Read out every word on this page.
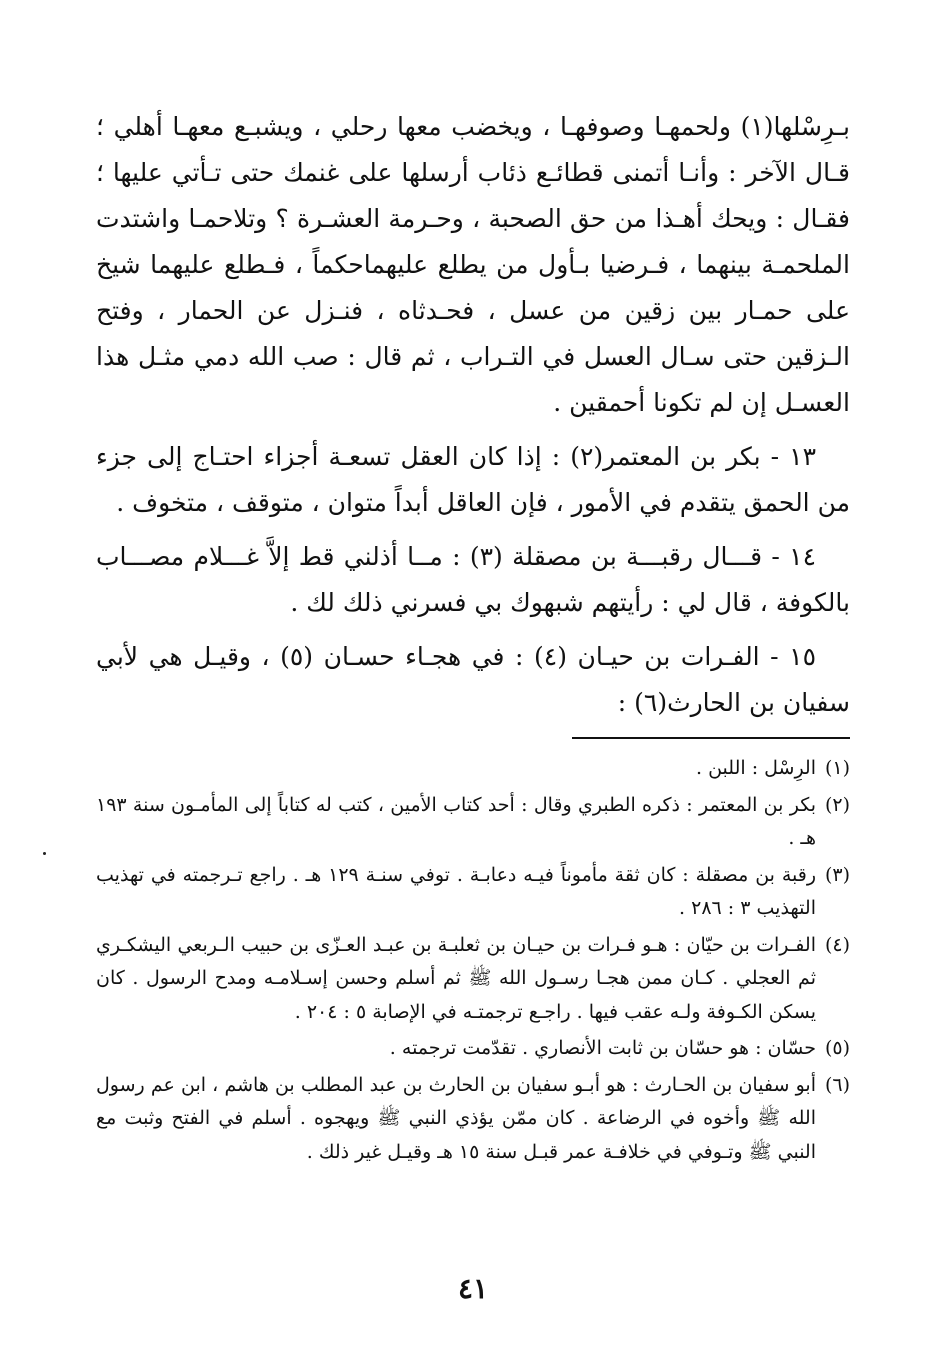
بـرِسْلها(١) ولحمهـا وصوفهـا ، ويخضب معها رحلي ، ويشبـع معهـا أهلي ؛ قـال الآخر : وأنـا أتمنى قطائـع ذئاب أرسلها على غنمك حتى تـأتي عليها ؛ فقـال : ويحك أهـذا من حق الصحبة ، وحـرمة العشـرة ؟ وتلاحمـا واشتدت الملحمـة بينهما ، فـرضيا بـأول من يطلع عليهماحكماً ، فـطلع عليهما شيخ على حمـار بين زقين من عسل ، فحـدثاه ، فنـزل عن الحمار ، وفتح الـزقين حتى سـال العسل في التـراب ، ثم قال : صب الله دمي مثـل هذا العسـل إن لم تكونا أحمقين .

١٣ - بكر بن المعتمر(٢) : إذا كان العقل تسعـة أجزاء احتـاج إلى جزء من الحمق يتقدم في الأمور ، فإن العاقل أبداً متوان ، متوقف ، متخوف .

١٤ - قـــال رقبـــة بن مصقلة (٣) : مــا أذلني قط إلاَّ غـــلام مصـــاب بالكوفة ، قال لي : رأيتهم شبهوك بي فسرني ذلك لك .

١٥ - الفـرات بن حيـان (٤) : في هجـاء حسـان (٥) ، وقيـل هي لأبي سفيان بن الحارث(٦) :

(١)
الرِسْل : اللبن .

(٢)
بكر بن المعتمر : ذكره الطبري وقال : أحد كتاب الأمين ، كتب له كتاباً إلى المأمـون سنة ١٩٣ هـ .

(٣)
رقبة بن مصقلة : كان ثقة مأموناً فيـه دعابـة . توفي سنـة ١٢٩ هـ . راجع تـرجمته في تهذيب التهذيب ٣ : ٢٨٦ .

(٤)
الفـرات بن حيّان : هـو فـرات بن حيـان بن ثعلبـة بن عبـد العـزّى بن حبيب الـربعي اليشكـري ثم العجلي . كـان ممن هجـا رسـول الله ﷺ ثم أسلم وحسن إسـلامـه ومدح الرسول . كان يسكن الكـوفة ولـه عقب فيها . راجـع ترجمتـه في الإصابة ٥ : ٢٠٤ .

(٥)
حسّان : هو حسّان بن ثابت الأنصاري . تقدّمت ترجمته .

(٦)
أبو سفيان بن الحـارث : هو أبـو سفيان بن الحارث بن عبد المطلب بن هاشم ، ابن عم رسول الله ﷺ وأخوه في الرضاعة . كان ممّن يؤذي النبي ﷺ ويهجوه . أسلم في الفتح وثبت مع النبي ﷺ وتـوفي في خلافـة عمر قبـل سنة ١٥ هـ وقيـل غير ذلك .

٤١
